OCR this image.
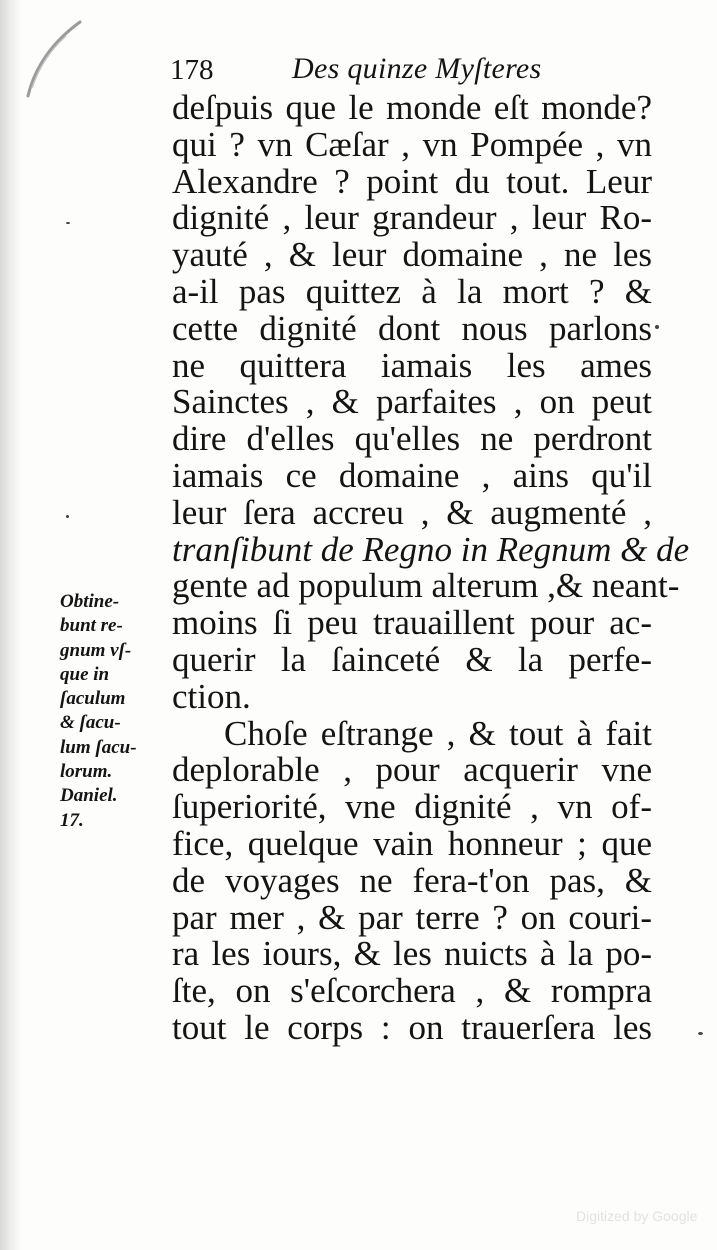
178	Des quinze Myſteres
deſpuis que le monde eſt monde?
qui ? vn Cæſar , vn Pompée , vn
Alexandre ? point du tout. Leur
dignité , leur grandeur , leur Ro-
yauté , & leur domaine , ne les
a-il pas quittez à la mort ? &
cette dignité dont nous parlons
ne quittera iamais les ames
Sainctes , & parfaites , on peut
dire d'elles qu'elles ne perdront
iamais ce domaine , ains qu'il
leur ſera accreu , & augmenté ,
tranſibunt de Regno in Regnum & de
gente ad populum alterum ,& neant-
moins ſi peu trauaillent pour ac-
querir la ſainceté & la perfe-
ction.
Choſe eſtrange , & tout à fait
deplorable , pour acquerir vne
ſuperiorité, vne dignité , vn of-
fice, quelque vain honneur ; que
de voyages ne fera-t'on pas, &
par mer , & par terre ? on couri-
ra les iours, & les nuicts à la po-
ſte, on s'eſcorchera , & rompra
tout le corps : on trauerſera les
Obtine-
bunt re-
gnum vſ-
que in
ſaculum
& ſacu-
lum ſacu-
lorum.
Daniel.
17.
Digitized by Google
